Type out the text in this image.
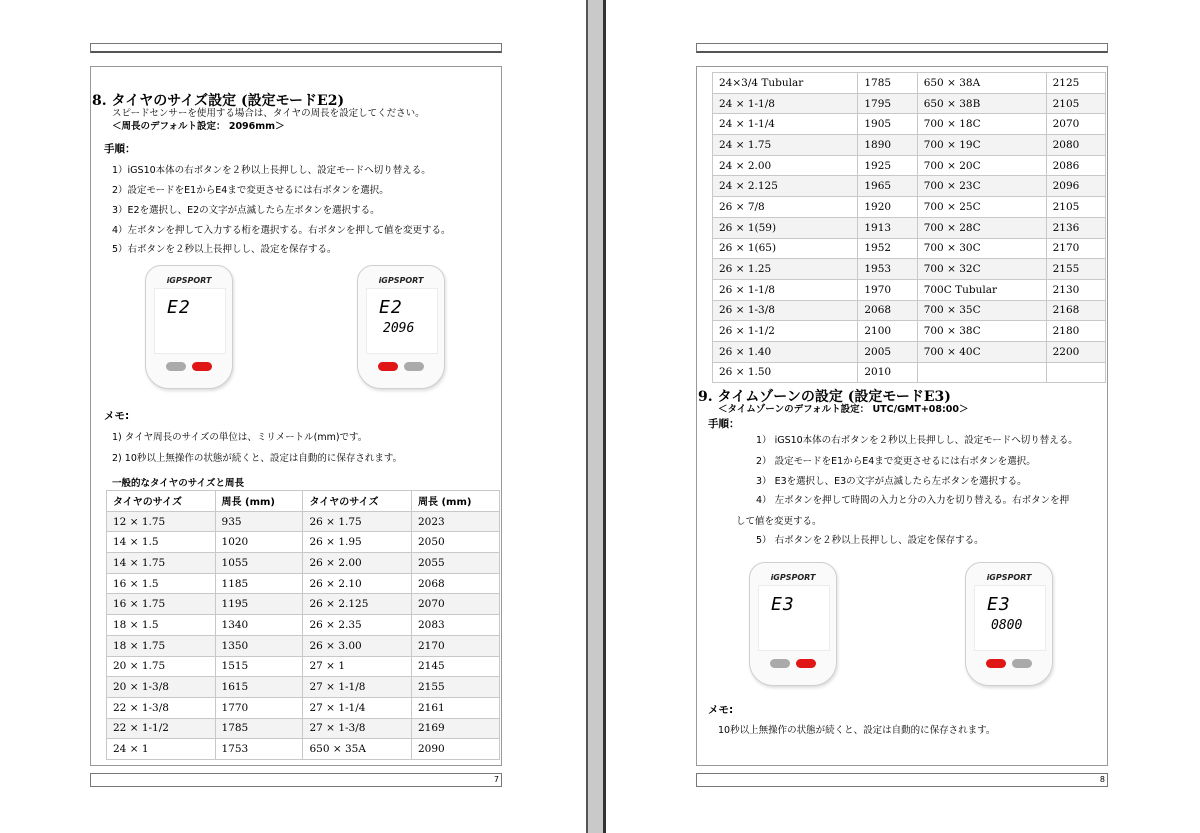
8. タイヤのサイズ設定 (設定モードE2)
スピードセンサーを使用する場合は、タイヤの周長を設定してください。
＜周長のデフォルト設定： 2096mm＞
手順：
1）iGS10本体の右ボタンを２秒以上長押しし、設定モードへ切り替える。
2）設定モードをE1からE4まで変更させるには右ボタンを選択。
3）E2を選択し、E2の文字が点滅したら左ボタンを選択する。
4）左ボタンを押して入力する桁を選択する。右ボタンを押して値を変更する。
5）右ボタンを２秒以上長押しし、設定を保存する。
iGPSPORT
E2
iGPSPORT
E2
2096
メモ:
1) タイヤ周長のサイズの単位は、ミリメートル(mm)です。
2) 10秒以上無操作の状態が続くと、設定は自動的に保存されます。
一般的なタイヤのサイズと周長
タイヤのサイズ	周長 (mm)	タイヤのサイズ	周長 (mm)
12 × 1.75	935	26 × 1.75	2023
14 × 1.5	1020	26 × 1.95	2050
14 × 1.75	1055	26 × 2.00	2055
16 × 1.5	1185	26 × 2.10	2068
16 × 1.75	1195	26 × 2.125	2070
18 × 1.5	1340	26 × 2.35	2083
18 × 1.75	1350	26 × 3.00	2170
20 × 1.75	1515	27 × 1	2145
20 × 1-3/8	1615	27 × 1-1/8	2155
22 × 1-3/8	1770	27 × 1-1/4	2161
22 × 1-1/2	1785	27 × 1-3/8	2169
24 × 1	1753	650 × 35A	2090
7
24×3/4 Tubular	1785	650 × 38A	2125
24 × 1-1/8	1795	650 × 38B	2105
24 × 1-1/4	1905	700 × 18C	2070
24 × 1.75	1890	700 × 19C	2080
24 × 2.00	1925	700 × 20C	2086
24 × 2.125	1965	700 × 23C	2096
26 × 7/8	1920	700 × 25C	2105
26 × 1(59)	1913	700 × 28C	2136
26 × 1(65)	1952	700 × 30C	2170
26 × 1.25	1953	700 × 32C	2155
26 × 1-1/8	1970	700C Tubular	2130
26 × 1-3/8	2068	700 × 35C	2168
26 × 1-1/2	2100	700 × 38C	2180
26 × 1.40	2005	700 × 40C	2200
26 × 1.50	2010		
9. タイムゾーンの設定 (設定モードE3)
＜タイムゾーンのデフォルト設定： UTC/GMT+08:00＞
手順：
1） iGS10本体の右ボタンを２秒以上長押しし、設定モードへ切り替える。
2） 設定モードをE1からE4まで変更させるには右ボタンを選択。
3） E3を選択し、E3の文字が点滅したら左ボタンを選択する。
4） 左ボタンを押して時間の入力と分の入力を切り替える。右ボタンを押
して値を変更する。
5） 右ボタンを２秒以上長押しし、設定を保存する。
iGPSPORT
E3
iGPSPORT
E3
0800
メモ:
10秒以上無操作の状態が続くと、設定は自動的に保存されます。
8
